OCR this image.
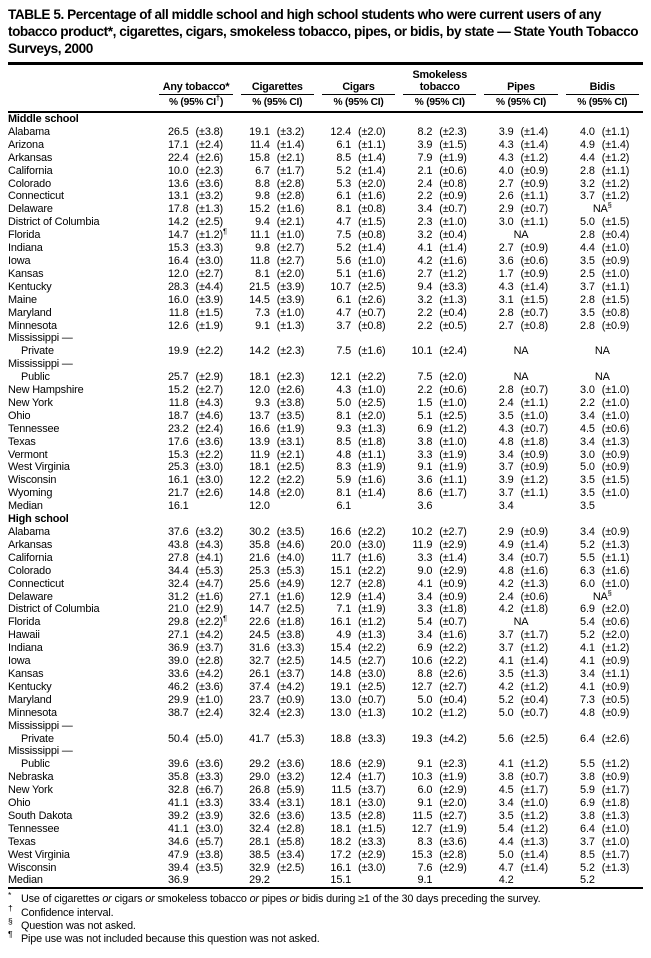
TABLE 5. Percentage of all middle school and high school students who were current users of any tobacco product*, cigarettes, cigars, smokeless tobacco, pipes, or bidis, by state — State Youth Tobacco Surveys, 2000

	Any tobacco*		Cigarettes		Cigars		Smokeless tobacco		Pipes		Bidis	

	% (95% CI†)		% (95% CI)		% (95% CI)		% (95% CI)		% (95% CI)		% (95% CI)	
Middle school												
Alabama	26.5	(±3.8)	19.1	(±3.2)	12.4	(±2.0)	8.2	(±2.3)	3.9	(±1.4)	4.0	(±1.1)
Arizona	17.1	(±2.4)	11.4	(±1.4)	6.1	(±1.1)	3.9	(±1.5)	4.3	(±1.4)	4.9	(±1.4)
Arkansas	22.4	(±2.6)	15.8	(±2.1)	8.5	(±1.4)	7.9	(±1.9)	4.3	(±1.2)	4.4	(±1.2)
California	10.0	(±2.3)	6.7	(±1.7)	5.2	(±1.4)	2.1	(±0.6)	4.0	(±0.9)	2.8	(±1.1)
Colorado	13.6	(±3.6)	8.8	(±2.8)	5.3	(±2.0)	2.4	(±0.8)	2.7	(±0.9)	3.2	(±1.2)
Connecticut	13.1	(±3.2)	9.8	(±2.8)	6.1	(±1.6)	2.2	(±0.9)	2.6	(±1.1)	3.7	(±1.2)
Delaware	17.8	(±1.3)	15.2	(±1.6)	8.1	(±0.8)	3.4	(±0.7)	2.9	(±0.7)	NA§
District of Columbia	14.2	(±2.5)	9.4	(±2.1)	4.7	(±1.5)	2.3	(±1.0)	3.0	(±1.1)	5.0	(±1.5)
Florida	14.7	(±1.2)¶	11.1	(±1.0)	7.5	(±0.8)	3.2	(±0.4)	NA		2.8	(±0.4)
Indiana	15.3	(±3.3)	9.8	(±2.7)	5.2	(±1.4)	4.1	(±1.4)	2.7	(±0.9)	4.4	(±1.0)
Iowa	16.4	(±3.0)	11.8	(±2.7)	5.6	(±1.0)	4.2	(±1.6)	3.6	(±0.6)	3.5	(±0.9)
Kansas	12.0	(±2.7)	8.1	(±2.0)	5.1	(±1.6)	2.7	(±1.2)	1.7	(±0.9)	2.5	(±1.0)
Kentucky	28.3	(±4.4)	21.5	(±3.9)	10.7	(±2.5)	9.4	(±3.3)	4.3	(±1.4)	3.7	(±1.1)
Maine	16.0	(±3.9)	14.5	(±3.9)	6.1	(±2.6)	3.2	(±1.3)	3.1	(±1.5)	2.8	(±1.5)
Maryland	11.8	(±1.5)	7.3	(±1.0)	4.7	(±0.7)	2.2	(±0.4)	2.8	(±0.7)	3.5	(±0.8)
Minnesota	12.6	(±1.9)	9.1	(±1.3)	3.7	(±0.8)	2.2	(±0.5)	2.7	(±0.8)	2.8	(±0.9)
Mississippi —												
Private	19.9	(±2.2)	14.2	(±2.3)	7.5	(±1.6)	10.1	(±2.4)	NA		NA	
Mississippi —												
Public	25.7	(±2.9)	18.1	(±2.3)	12.1	(±2.2)	7.5	(±2.0)	NA		NA	
New Hampshire	15.2	(±2.7)	12.0	(±2.6)	4.3	(±1.0)	2.2	(±0.6)	2.8	(±0.7)	3.0	(±1.0)
New York	11.8	(±4.3)	9.3	(±3.8)	5.0	(±2.5)	1.5	(±1.0)	2.4	(±1.1)	2.2	(±1.0)
Ohio	18.7	(±4.6)	13.7	(±3.5)	8.1	(±2.0)	5.1	(±2.5)	3.5	(±1.0)	3.4	(±1.0)
Tennessee	23.2	(±2.4)	16.6	(±1.9)	9.3	(±1.3)	6.9	(±1.2)	4.3	(±0.7)	4.5	(±0.6)
Texas	17.6	(±3.6)	13.9	(±3.1)	8.5	(±1.8)	3.8	(±1.0)	4.8	(±1.8)	3.4	(±1.3)
Vermont	15.3	(±2.2)	11.9	(±2.1)	4.8	(±1.1)	3.3	(±1.9)	3.4	(±0.9)	3.0	(±0.9)
West Virginia	25.3	(±3.0)	18.1	(±2.5)	8.3	(±1.9)	9.1	(±1.9)	3.7	(±0.9)	5.0	(±0.9)
Wisconsin	16.1	(±3.0)	12.2	(±2.2)	5.9	(±1.6)	3.6	(±1.1)	3.9	(±1.2)	3.5	(±1.5)
Wyoming	21.7	(±2.6)	14.8	(±2.0)	8.1	(±1.4)	8.6	(±1.7)	3.7	(±1.1)	3.5	(±1.0)
Median	16.1		12.0		6.1		3.6		3.4		3.5	
High school												
Alabama	37.6	(±3.2)	30.2	(±3.5)	16.6	(±2.2)	10.2	(±2.7)	2.9	(±0.9)	3.4	(±0.9)
Arkansas	43.8	(±4.3)	35.8	(±4.6)	20.0	(±3.0)	11.9	(±2.9)	4.9	(±1.4)	5.2	(±1.3)
California	27.8	(±4.1)	21.6	(±4.0)	11.7	(±1.6)	3.3	(±1.4)	3.4	(±0.7)	5.5	(±1.1)
Colorado	34.4	(±5.3)	25.3	(±5.3)	15.1	(±2.2)	9.0	(±2.9)	4.8	(±1.6)	6.3	(±1.6)
Connecticut	32.4	(±4.7)	25.6	(±4.9)	12.7	(±2.8)	4.1	(±0.9)	4.2	(±1.3)	6.0	(±1.0)
Delaware	31.2	(±1.6)	27.1	(±1.6)	12.9	(±1.4)	3.4	(±0.9)	2.4	(±0.6)	NA§
District of Columbia	21.0	(±2.9)	14.7	(±2.5)	7.1	(±1.9)	3.3	(±1.8)	4.2	(±1.8)	6.9	(±2.0)
Florida	29.8	(±2.2)¶	22.6	(±1.8)	16.1	(±1.2)	5.4	(±0.7)	NA		5.4	(±0.6)
Hawaii	27.1	(±4.2)	24.5	(±3.8)	4.9	(±1.3)	3.4	(±1.6)	3.7	(±1.7)	5.2	(±2.0)
Indiana	36.9	(±3.7)	31.6	(±3.3)	15.4	(±2.2)	6.9	(±2.2)	3.7	(±1.2)	4.1	(±1.2)
Iowa	39.0	(±2.8)	32.7	(±2.5)	14.5	(±2.7)	10.6	(±2.2)	4.1	(±1.4)	4.1	(±0.9)
Kansas	33.6	(±4.2)	26.1	(±3.7)	14.8	(±3.0)	8.8	(±2.6)	3.5	(±1.3)	3.4	(±1.1)
Kentucky	46.2	(±3.6)	37.4	(±4.2)	19.1	(±2.5)	12.7	(±2.7)	4.2	(±1.2)	4.1	(±0.9)
Maryland	29.9	(±1.0)	23.7	(±0.9)	13.0	(±0.7)	5.0	(±0.4)	5.2	(±0.4)	7.3	(±0.5)
Minnesota	38.7	(±2.4)	32.4	(±2.3)	13.0	(±1.3)	10.2	(±1.2)	5.0	(±0.7)	4.8	(±0.9)
Mississippi —												
Private	50.4	(±5.0)	41.7	(±5.3)	18.8	(±3.3)	19.3	(±4.2)	5.6	(±2.5)	6.4	(±2.6)
Mississippi —												
Public	39.6	(±3.6)	29.2	(±3.6)	18.6	(±2.9)	9.1	(±2.3)	4.1	(±1.2)	5.5	(±1.2)
Nebraska	35.8	(±3.3)	29.0	(±3.2)	12.4	(±1.7)	10.3	(±1.9)	3.8	(±0.7)	3.8	(±0.9)
New York	32.8	(±6.7)	26.8	(±5.9)	11.5	(±3.7)	6.0	(±2.9)	4.5	(±1.7)	5.9	(±1.7)
Ohio	41.1	(±3.3)	33.4	(±3.1)	18.1	(±3.0)	9.1	(±2.0)	3.4	(±1.0)	6.9	(±1.8)
South Dakota	39.2	(±3.9)	32.6	(±3.6)	13.5	(±2.8)	11.5	(±2.7)	3.5	(±1.2)	3.8	(±1.3)
Tennessee	41.1	(±3.0)	32.4	(±2.8)	18.1	(±1.5)	12.7	(±1.9)	5.4	(±1.2)	6.4	(±1.0)
Texas	34.6	(±5.7)	28.1	(±5.8)	18.2	(±3.3)	8.3	(±3.6)	4.4	(±1.3)	3.7	(±1.0)
West Virginia	47.9	(±3.8)	38.5	(±3.4)	17.2	(±2.9)	15.3	(±2.8)	5.0	(±1.4)	8.5	(±1.7)
Wisconsin	39.4	(±3.5)	32.9	(±2.5)	16.1	(±3.0)	7.6	(±2.9)	4.7	(±1.4)	5.2	(±1.3)
Median	36.9		29.2		15.1		9.1		4.2		5.2	
* Use of cigarettes or cigars or smokeless tobacco or pipes or bidis during ≥1 of the 30 days preceding the survey.
† Confidence interval.
§ Question was not asked.
¶ Pipe use was not included because this question was not asked.
